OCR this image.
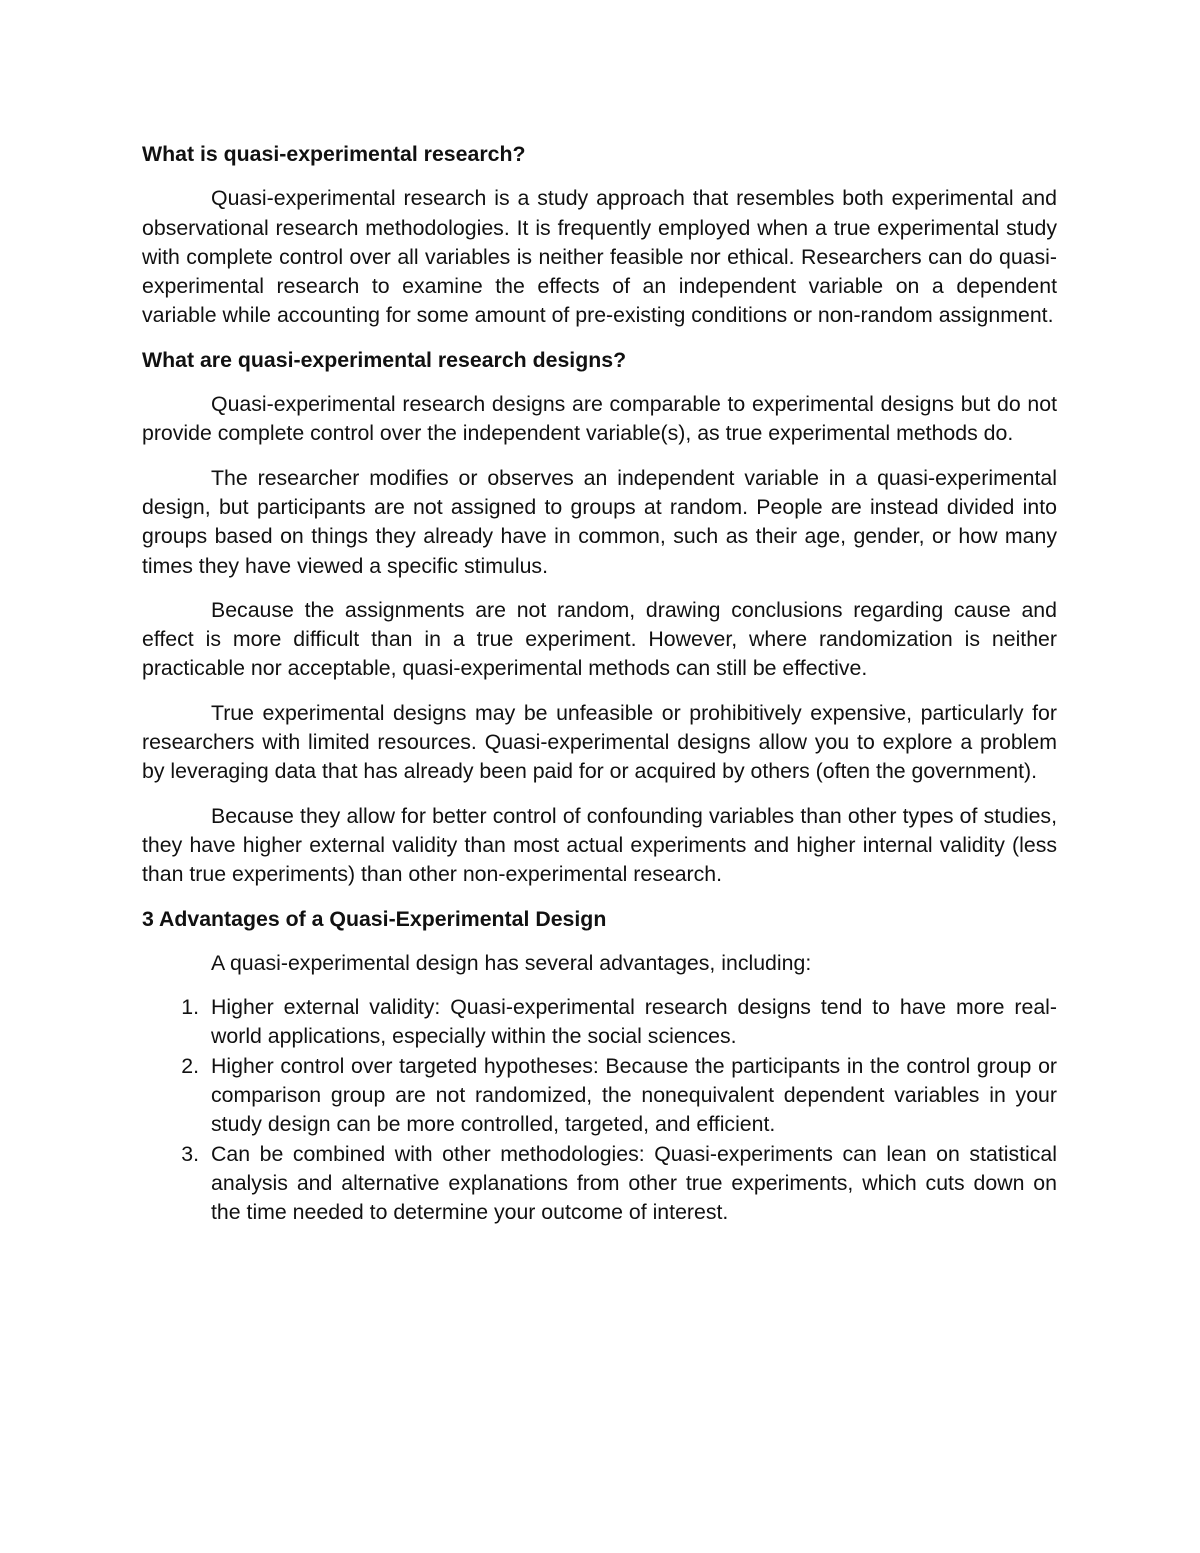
What is quasi-experimental research?

Quasi-experimental research is a study approach that resembles both experimental and observational research methodologies. It is frequently employed when a true experimental study with complete control over all variables is neither feasible nor ethical. Researchers can do quasi-experimental research to examine the effects of an independent variable on a dependent variable while accounting for some amount of pre-existing conditions or non-random assignment.

What are quasi-experimental research designs?

Quasi-experimental research designs are comparable to experimental designs but do not provide complete control over the independent variable(s), as true experimental methods do.

The researcher modifies or observes an independent variable in a quasi-experimental design, but participants are not assigned to groups at random. People are instead divided into groups based on things they already have in common, such as their age, gender, or how many times they have viewed a specific stimulus.

Because the assignments are not random, drawing conclusions regarding cause and effect is more difficult than in a true experiment. However, where randomization is neither practicable nor acceptable, quasi-experimental methods can still be effective.

True experimental designs may be unfeasible or prohibitively expensive, particularly for researchers with limited resources. Quasi-experimental designs allow you to explore a problem by leveraging data that has already been paid for or acquired by others (often the government).

Because they allow for better control of confounding variables than other types of studies, they have higher external validity than most actual experiments and higher internal validity (less than true experiments) than other non-experimental research.

3 Advantages of a Quasi-Experimental Design

A quasi-experimental design has several advantages, including:

1. Higher external validity: Quasi-experimental research designs tend to have more real-world applications, especially within the social sciences.
2. Higher control over targeted hypotheses: Because the participants in the control group or comparison group are not randomized, the nonequivalent dependent variables in your study design can be more controlled, targeted, and efficient.
3. Can be combined with other methodologies: Quasi-experiments can lean on statistical analysis and alternative explanations from other true experiments, which cuts down on the time needed to determine your outcome of interest.
